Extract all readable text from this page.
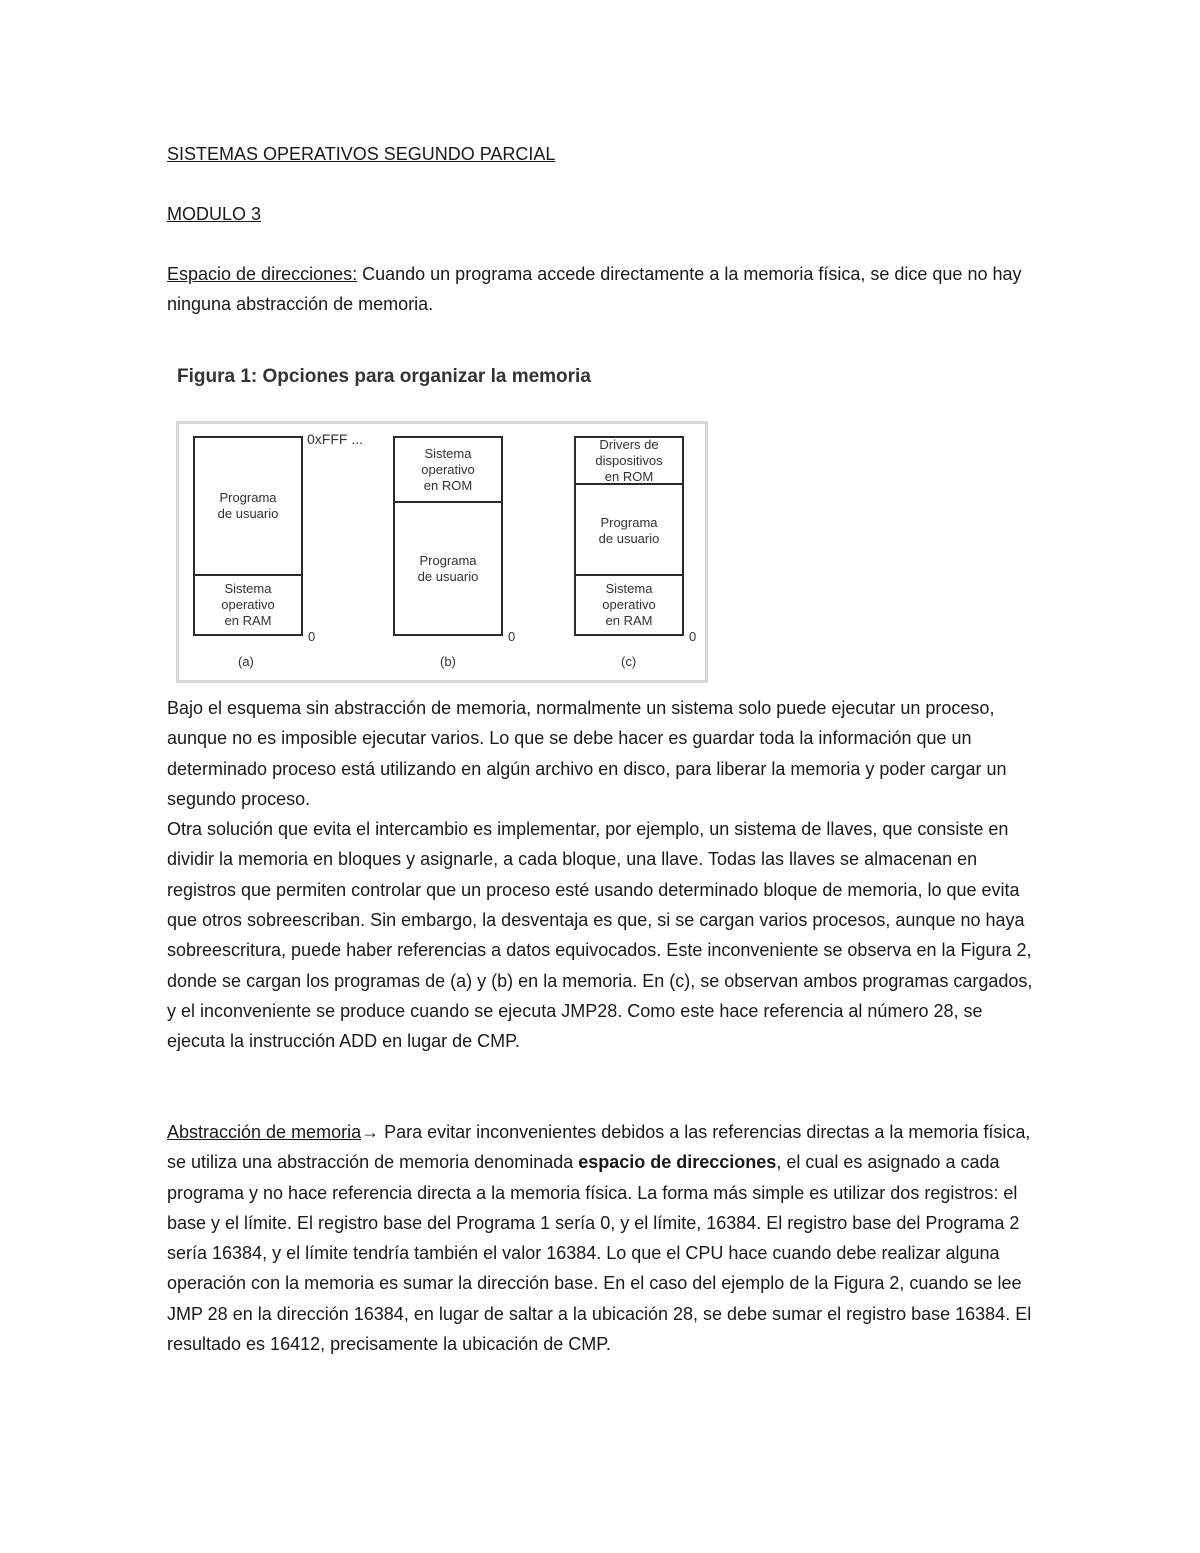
SISTEMAS OPERATIVOS SEGUNDO PARCIAL
MODULO 3

Espacio de direcciones: Cuando un programa accede directamente a la memoria física, se dice que no hay ninguna abstracción de memoria.

Figura 1: Opciones para organizar la memoria
Programa
de usuario
Sistema
operativo
en RAM
0xFFF ...
0
(a)
Sistema
operativo
en ROM
Programa
de usuario
0
(b)
Drivers de
dispositivos
en ROM
Programa
de usuario
Sistema
operativo
en RAM
0
(c)

Bajo el esquema sin abstracción de memoria, normalmente un sistema solo puede ejecutar un proceso, aunque no es imposible ejecutar varios. Lo que se debe hacer es guardar toda la información que un determinado proceso está utilizando en algún archivo en disco, para liberar la memoria y poder cargar un segundo proceso.

Otra solución que evita el intercambio es implementar, por ejemplo, un sistema de llaves, que consiste en dividir la memoria en bloques y asignarle, a cada bloque, una llave. Todas las llaves se almacenan en registros que permiten controlar que un proceso esté usando determinado bloque de memoria, lo que evita que otros sobreescriban. Sin embargo, la desventaja es que, si se cargan varios procesos, aunque no haya sobreescritura, puede haber referencias a datos equivocados. Este inconveniente se observa en la Figura 2, donde se cargan los programas de (a) y (b) en la memoria. En (c), se observan ambos programas cargados, y el inconveniente se produce cuando se ejecuta JMP28. Como este hace referencia al número 28, se ejecuta la instrucción ADD en lugar de CMP.

Abstracción de memoria→ Para evitar inconvenientes debidos a las referencias directas a la memoria física, se utiliza una abstracción de memoria denominada espacio de direcciones, el cual es asignado a cada programa y no hace referencia directa a la memoria física. La forma más simple es utilizar dos registros: el base y el límite. El registro base del Programa 1 sería 0, y el límite, 16384. El registro base del Programa 2 sería 16384, y el límite tendría también el valor 16384. Lo que el CPU hace cuando debe realizar alguna operación con la memoria es sumar la dirección base. En el caso del ejemplo de la Figura 2, cuando se lee JMP 28 en la dirección 16384, en lugar de saltar a la ubicación 28, se debe sumar el registro base 16384. El resultado es 16412, precisamente la ubicación de CMP.
